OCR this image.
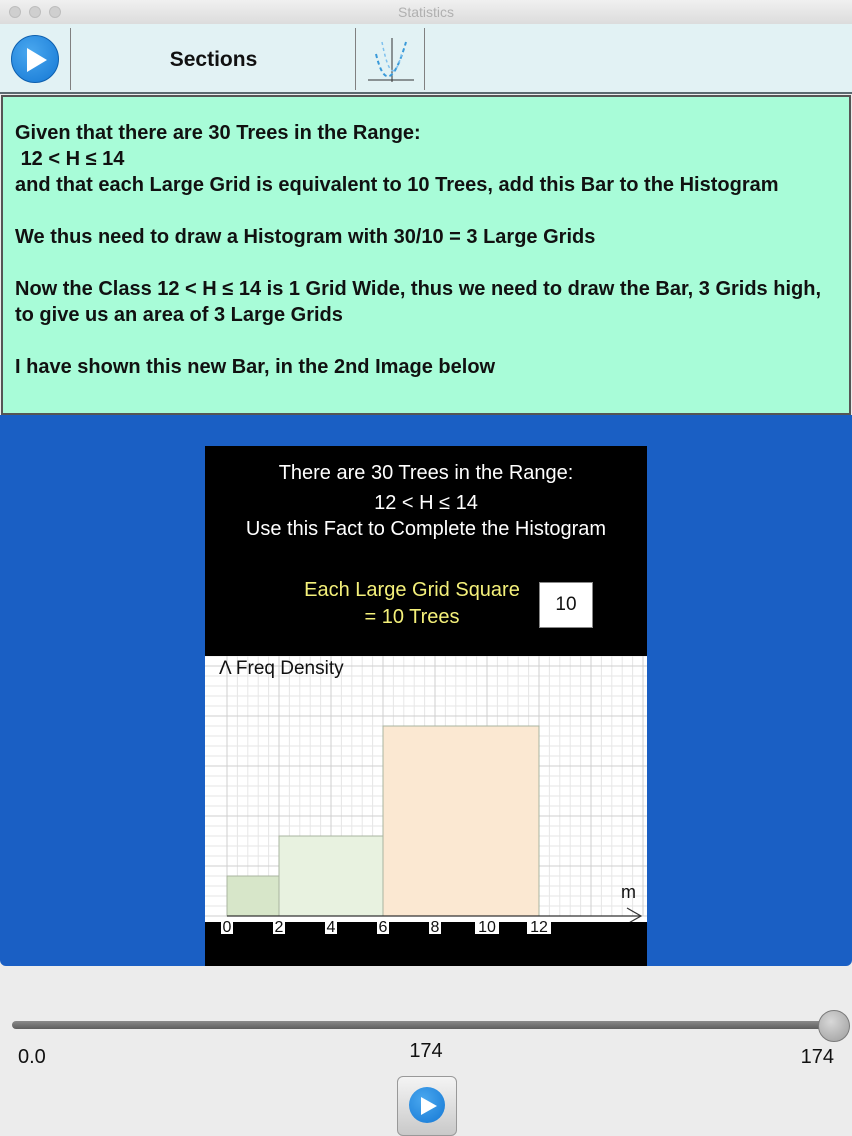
Statistics
Sections

Given that there are 30 Trees in the Range:
12 < H ≤ 14
and that each Large Grid is equivalent to 10 Trees, add this Bar to the Histogram

We thus need to draw a Histogram with 30/10 = 3 Large Grids

Now the Class 12 < H ≤ 14 is 1 Grid Wide, thus we need to draw the Bar, 3 Grids high, to give us an area of 3 Large Grids

I have shown this new Bar, in the 2nd Image below

There are 30 Trees in the Range:
12 < H ≤ 14
Use this Fact to Complete the Histogram
Each Large Grid Square
= 10 Trees
10
m
Λ Freq Density
0	2	4	6	8 10 12
0.0	174	174
